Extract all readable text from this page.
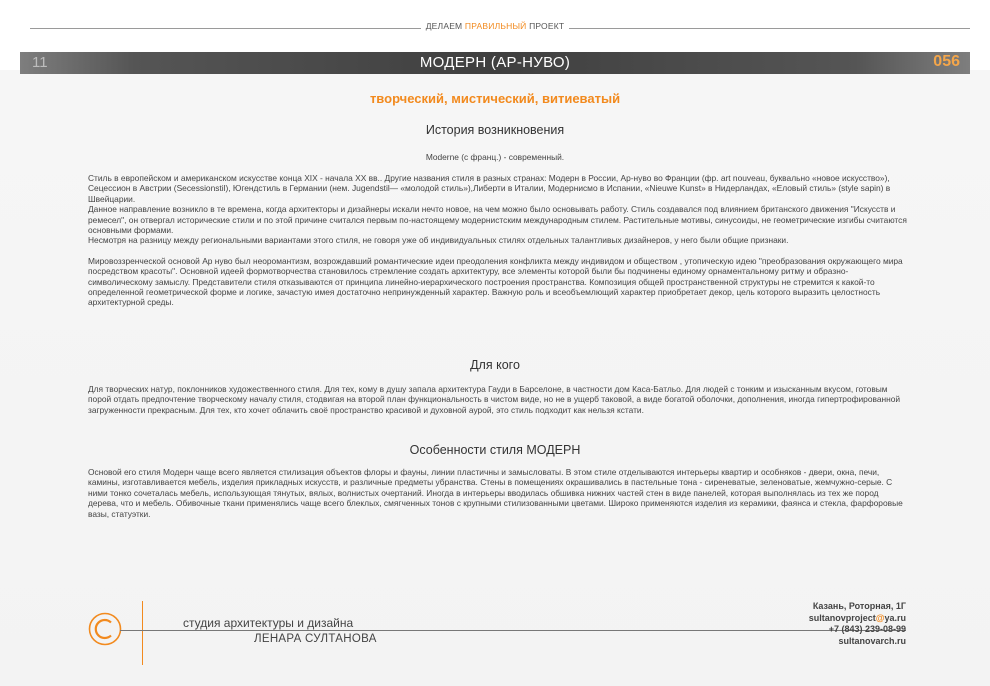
ДЕЛАЕМ ПРАВИЛЬНЫЙ ПРОЕКТ
11	МОДЕРН (АР-НУВО)	056
творческий, мистический, витиеватый
История возникновения
Moderne (с франц.) - современный.

Стиль в европейском и американском искусстве конца XIX - начала XX вв.. Другие названия стиля в разных странах: Модерн в России, Ар-нуво во Франции (фр. art nouveau, буквально «новое искусство»), Сецессион в Австрии (Secessionstil), Югендстиль в Германии (нем. Jugendstil— «молодой стиль»),Либерти в Италии, Модернисмо в Испании, «Nieuwe Kunst» в Нидерландах, «Еловый стиль» (style sapin) в Швейцарии.

Данное направление возникло в те времена, когда архитекторы и дизайнеры искали нечто новое, на чем можно было основывать работу. Стиль создавался под влиянием британского движения "Искусств и ремесел", он отвергал исторические стили и по этой причине считался первым по-настоящему модернистским международным стилем. Растительные мотивы, синусоиды, не геометрические изгибы считаются основными формами.

Несмотря на разницу между региональными вариантами этого стиля, не говоря уже об индивидуальных стилях отдельных талантливых дизайнеров, у него были общие признаки.

Мировоззренческой основой Ар нуво был неоромантизм, возрождавший романтические идеи преодоления конфликта между индивидом и обществом , утопическую идею "преобразования окружающего мира посредством красоты". Основной идеей формотворчества становилось стремление создать архитектуру, все элементы которой были бы подчинены единому орнаментальному ритму и образно-символическому замыслу. Представители стиля отказываются от принципа линейно-иерархического построения пространства. Композиция общей пространственной структуры не стремится к какой-то определенной геометрической форме и логике, зачастую имея достаточно непринужденный характер. Важную роль и всеобъемлющий характер приобретает декор, цель которого выразить целостность архитектурной среды.

Для кого
Для творческих натур, поклонников художественного стиля. Для тех, кому в душу запала архитектура Гауди в Барселоне, в частности дом Каса-Батльо. Для людей с тонким и изысканным вкусом, готовым порой отдать предпочтение творческому началу стиля, стодвигая на второй план функциональность в чистом виде, но не в ущерб таковой, а виде богатой оболочки, дополнения, иногда гипертрофированной загруженности прекрасным. Для тех, кто хочет облачить своё пространство красивой и духовной аурой, это стиль подходит как нельзя кстати.
Особенности стиля МОДЕРН
Основой его стиля Модерн чаще всего является стилизация объектов флоры и фауны, линии пластичны и замысловаты. В этом стиле отделываются интерьеры квартир и особняков - двери, окна, печи, камины, изготавливается мебель, изделия прикладных искусств, и различные предметы убранства. Стены в помещениях окрашивались в пастельные тона - сиреневатые, зеленоватые, жемчужно-серые. С ними тонко сочеталась мебель, использующая тянутых, вялых, волнистых очертаний. Иногда в интерьеры вводилась обшивка нижних частей стен в виде панелей, которая выполнялась из тех же пород дерева, что и мебель. Обивочные ткани применялись чаще всего блеклых, смягченных тонов с крупными стилизованными цветами. Широко применяются изделия из керамики, фаянса и стекла, фарфоровые вазы, статуэтки.
студия архитектуры и дизайна
ЛЕНАРА СУЛТАНОВА
Казань, Роторная, 1Г
sultanovproject@ya.ru
+7 (843) 239-08-99
sultanovarch.ru
